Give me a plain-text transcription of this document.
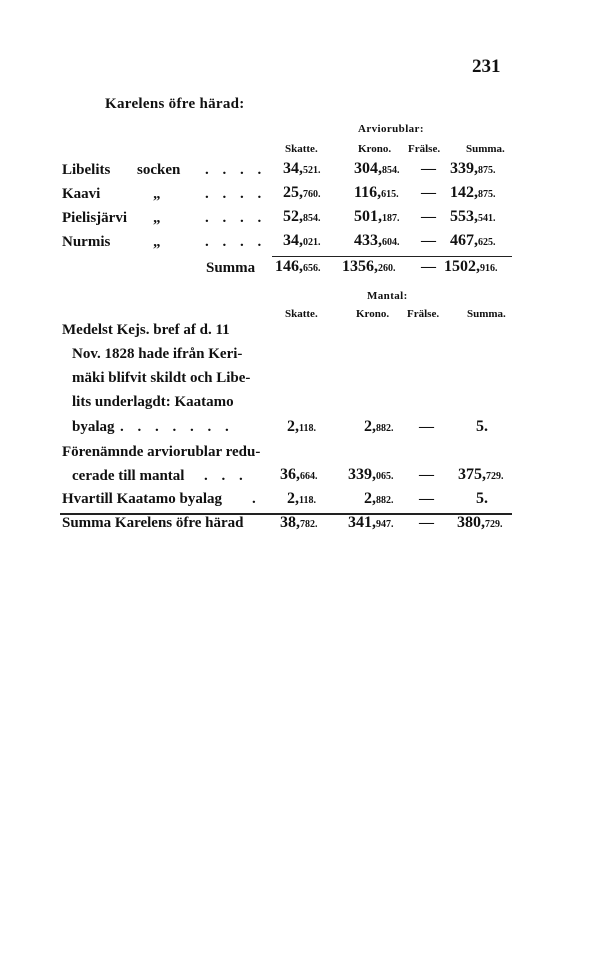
231
Karelens öfre härad:
Arviorublar:
Skatte.	Krono. Frälse. Summa.
Libelits socken . . . . 34,521. 304,854. — 339,875.
Kaavi	„	. . . . 25,760. 116,615. — 142,875.
Pielisjärvi „	. . . . 52,854. 501,187. — 553,541.
Nurmis	„	. . . . 34,021. 433,604. — 467,625.
Summa 146,656. 1356,260. — 1502,916.
Mantal:
Skatte.	Krono. Frälse.	Summa.
Medelst Kejs. bref af d. 11
Nov. 1828 hade ifrån Keri-
mäki blifvit skildt och Libe-
lits underlagdt: Kaatamo
byalag . . . . . . .	2,118.	2,882. —	5.
Förenämnde arviorublar redu-
cerade till mantal . . . 36,664. 339,065. — 375,729.
Hvartill Kaatamo byalag . 2,118.	2,882. —	5.
Summa Karelens öfre härad 38,782. 341,947. — 380,729.
